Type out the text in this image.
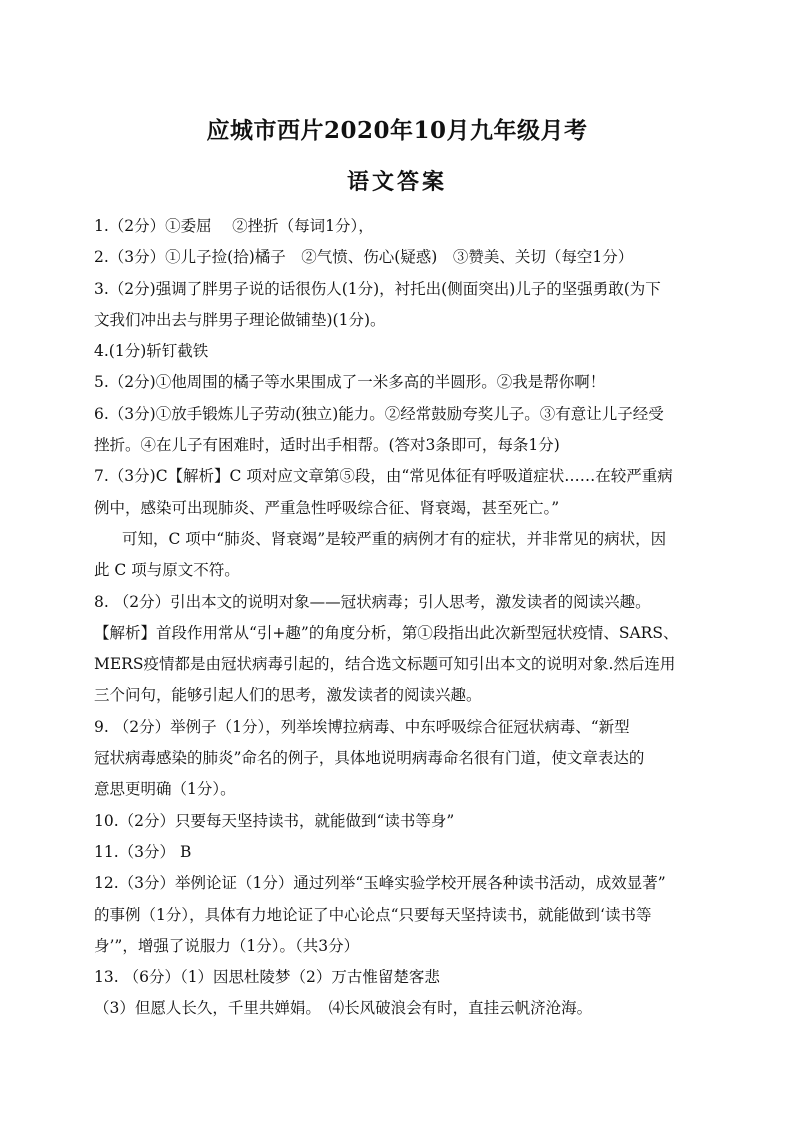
应城市西片2020年10月九年级月考
语文答案
1.（2分）①委屈　 ②挫折（每词1分），
2.（3分）①儿子捡(拾)橘子　②气愤、伤心(疑惑)　③赞美、关切（每空1分）
3.（2分)强调了胖男子说的话很伤人(1分)，衬托出(侧面突出)儿子的坚强勇敢(为下
文我们冲出去与胖男子理论做铺垫)(1分)。
4.(1分)斩钉截铁
5.（2分)①他周围的橘子等水果围成了一米多高的半圆形。②我是帮你啊！
6.（3分)①放手锻炼儿子劳动(独立)能力。②经常鼓励夸奖儿子。③有意让儿子经受
挫折。④在儿子有困难时，适时出手相帮。(答对3条即可，每条1分)
7.（3分)C【解析】C 项对应文章第⑤段，由“常见体征有呼吸道症状……在较严重病
例中，感染可出现肺炎、严重急性呼吸综合征、肾衰竭，甚至死亡。”
可知，C 项中“肺炎、肾衰竭”是较严重的病例才有的症状，并非常见的病状，因
此 C 项与原文不符。
8. （2分）引出本文的说明对象——冠状病毒；引人思考，激发读者的阅读兴趣。
【解析】首段作用常从“引+趣”的角度分析，第①段指出此次新型冠状疫情、SARS、
MERS疫情都是由冠状病毒引起的，结合选文标题可知引出本文的说明对象.然后连用
三个问句，能够引起人们的思考，激发读者的阅读兴趣。
9. （2分）举例子（1分），列举埃博拉病毒、中东呼吸综合征冠状病毒、“新型
冠状病毒感染的肺炎”命名的例子，具体地说明病毒命名很有门道，使文章表达的
意思更明确（1分）。
10.（2分）只要每天坚持读书，就能做到“读书等身”
11.（3分） B
12.（3分）举例论证（1分）通过列举“玉峰实验学校开展各种读书活动，成效显著”
的事例（1分），具体有力地论证了中心论点“只要每天坚持读书，就能做到‘读书等
身’”，增强了说服力（1分）。（共3分）
13. （6分）（1）因思杜陵梦（2）万古惟留楚客悲
（3）但愿人长久，千里共婵娟。　⑷长风破浪会有时，直挂云帆济沧海。
